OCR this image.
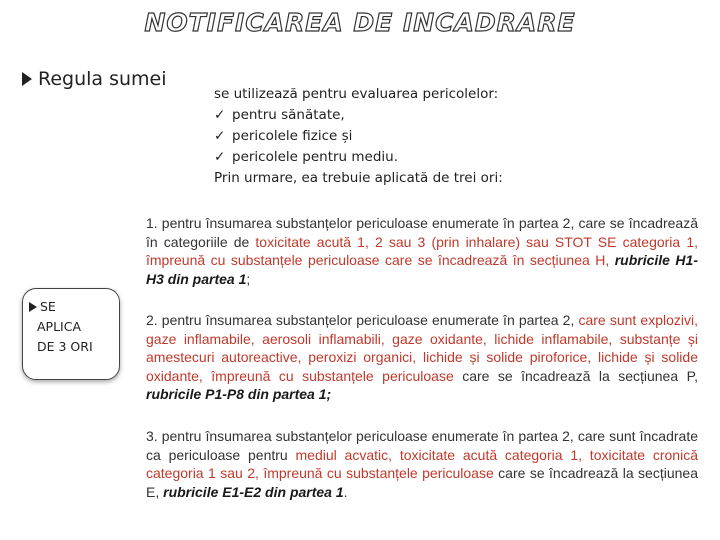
NOTIFICAREA DE INCADRARE
Regula sumei
se utilizează pentru evaluarea pericolelor:
✓ pentru sănătate,
✓ pericolele fizice și
✓ pericolele pentru mediu.
Prin urmare, ea trebuie aplicată de trei ori:
SE
APLICA
DE 3 ORI
1. pentru însumarea substanțelor periculoase enumerate în partea 2, care se încadrează în categoriile de toxicitate acută 1, 2 sau 3 (prin inhalare) sau STOT SE categoria 1, împreună cu substanțele periculoase care se încadrează în secțiunea H, rubricile H1-H3 din partea 1;
2. pentru însumarea substanțelor periculoase enumerate în partea 2, care sunt explozivi, gaze inflamabile, aerosoli inflamabili, gaze oxidante, lichide inflamabile, substanțe și amestecuri autoreactive, peroxizi organici, lichide și solide piroforice, lichide și solide oxidante, împreună cu substanțele periculoase care se încadrează la secțiunea P, rubricile P1-P8 din partea 1;
3. pentru însumarea substanțelor periculoase enumerate în partea 2, care sunt încadrate ca periculoase pentru mediul acvatic, toxicitate acută categoria 1, toxicitate cronică categoria 1 sau 2, împreună cu substanțele periculoase care se încadrează la secțiunea E, rubricile E1-E2 din partea 1.
